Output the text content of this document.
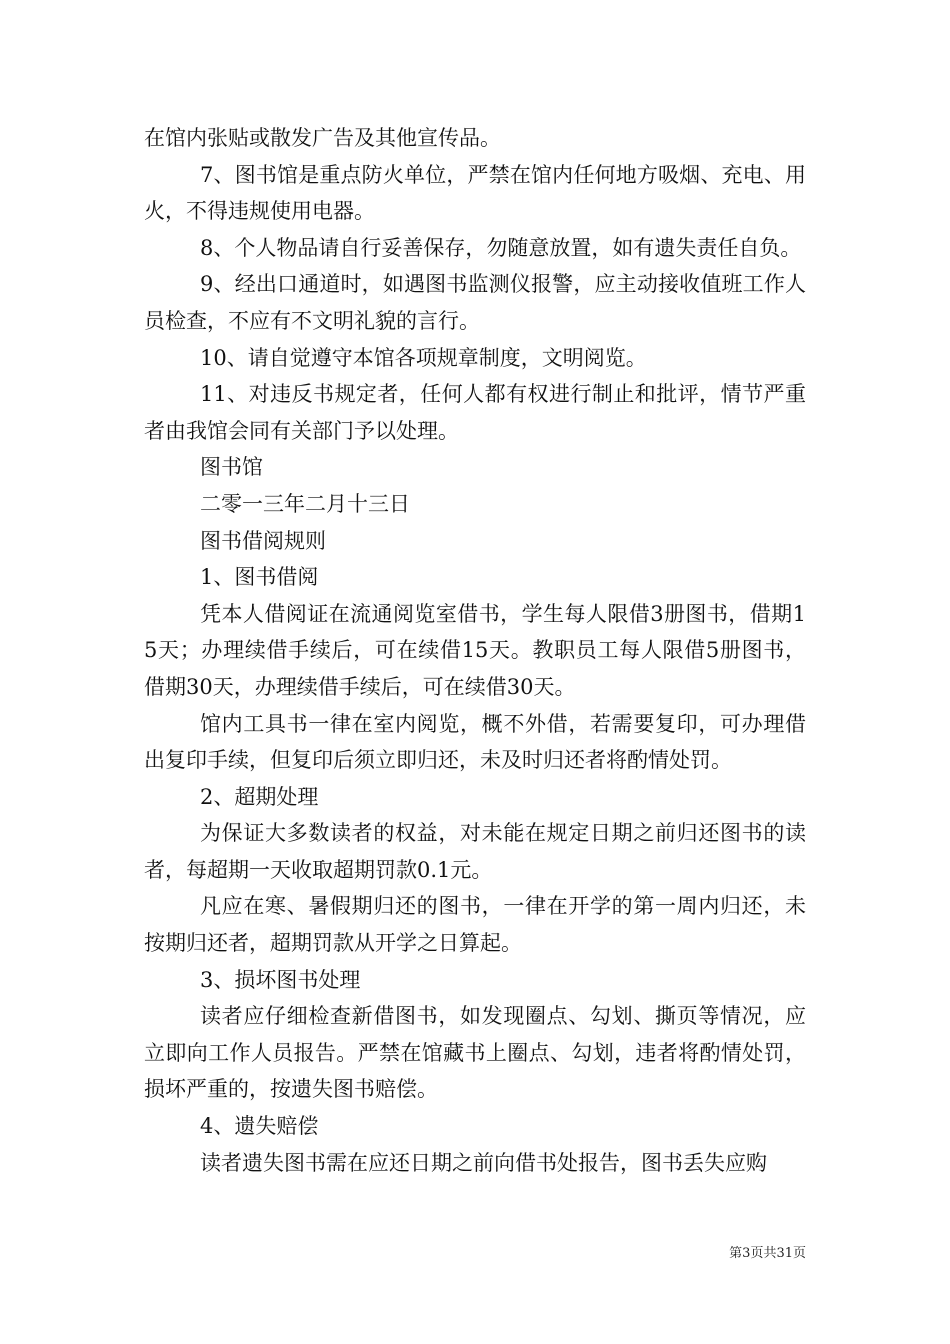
在馆内张贴或散发广告及其他宣传品。

7、图书馆是重点防火单位，严禁在馆内任何地方吸烟、充电、用火，不得违规使用电器。

8、个人物品请自行妥善保存，勿随意放置，如有遗失责任自负。

9、经出口通道时，如遇图书监测仪报警，应主动接收值班工作人员检查，不应有不文明礼貌的言行。

10、请自觉遵守本馆各项规章制度，文明阅览。

11、对违反书规定者，任何人都有权进行制止和批评，情节严重者由我馆会同有关部门予以处理。

图书馆

二零一三年二月十三日

图书借阅规则

1、图书借阅

凭本人借阅证在流通阅览室借书，学生每人限借3册图书，借期15天；办理续借手续后，可在续借15天。教职员工每人限借5册图书，借期30天，办理续借手续后，可在续借30天。

馆内工具书一律在室内阅览，概不外借，若需要复印，可办理借出复印手续，但复印后须立即归还，未及时归还者将酌情处罚。

2、超期处理

为保证大多数读者的权益，对未能在规定日期之前归还图书的读者，每超期一天收取超期罚款0.1元。

凡应在寒、暑假期归还的图书，一律在开学的第一周内归还，未按期归还者，超期罚款从开学之日算起。

3、损坏图书处理

读者应仔细检查新借图书，如发现圈点、勾划、撕页等情况，应立即向工作人员报告。严禁在馆藏书上圈点、勾划，违者将酌情处罚，损坏严重的，按遗失图书赔偿。

4、遗失赔偿

读者遗失图书需在应还日期之前向借书处报告，图书丢失应购

第3页共31页
